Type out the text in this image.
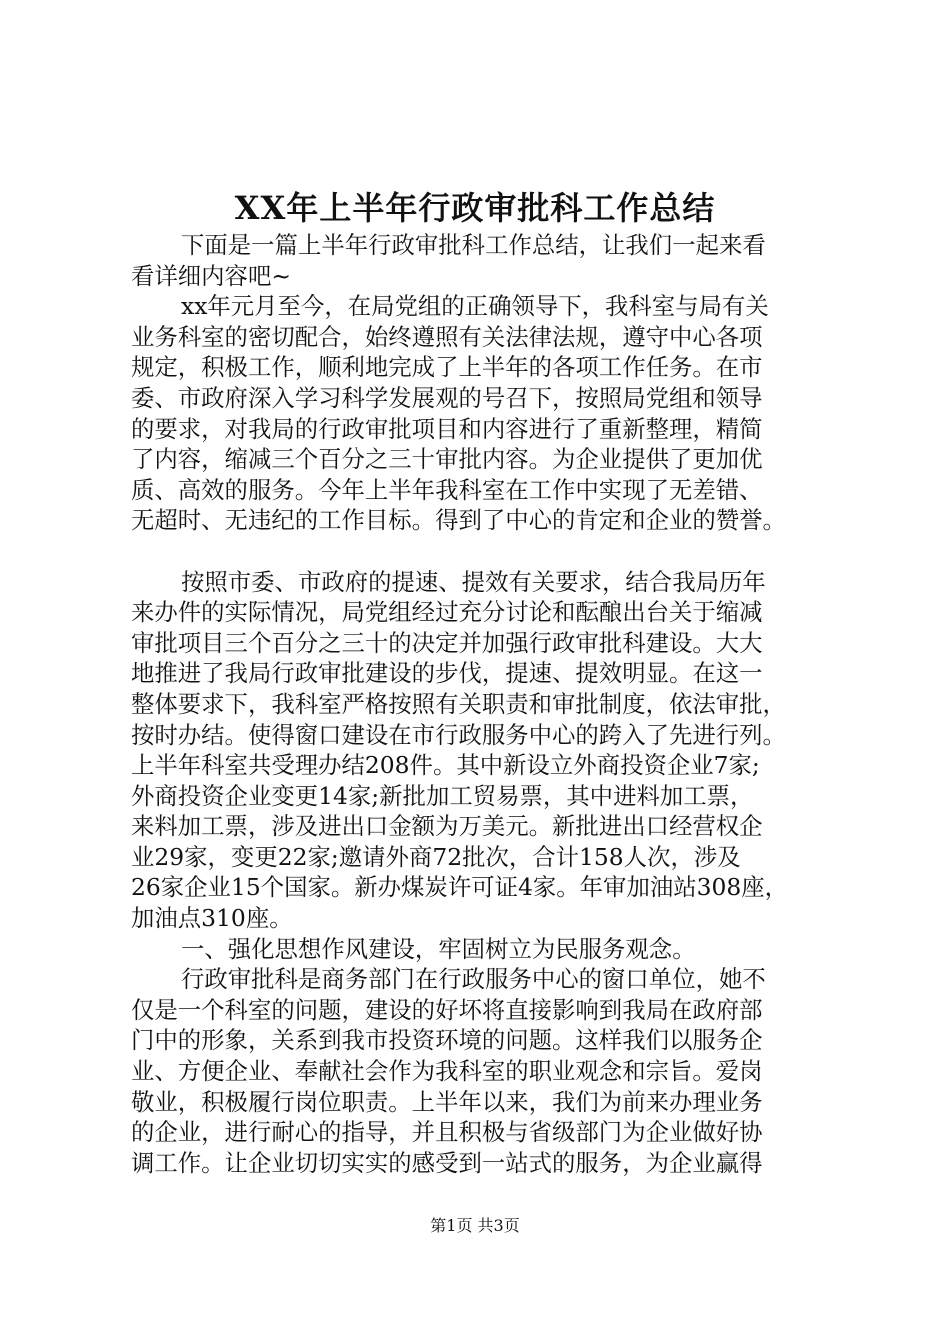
XX年上半年行政审批科工作总结
下面是一篇上半年行政审批科工作总结，让我们一起来看
看详细内容吧~
xx年元月至今，在局党组的正确领导下，我科室与局有关
业务科室的密切配合，始终遵照有关法律法规，遵守中心各项
规定，积极工作，顺利地完成了上半年的各项工作任务。在市
委、市政府深入学习科学发展观的号召下，按照局党组和领导
的要求，对我局的行政审批项目和内容进行了重新整理，精简
了内容，缩减三个百分之三十审批内容。为企业提供了更加优
质、高效的服务。今年上半年我科室在工作中实现了无差错、
无超时、无违纪的工作目标。得到了中心的肯定和企业的赞誉。
按照市委、市政府的提速、提效有关要求，结合我局历年
来办件的实际情况，局党组经过充分讨论和酝酿出台关于缩减
审批项目三个百分之三十的决定并加强行政审批科建设。大大
地推进了我局行政审批建设的步伐，提速、提效明显。在这一
整体要求下，我科室严格按照有关职责和审批制度，依法审批，
按时办结。使得窗口建设在市行政服务中心的跨入了先进行列。
上半年科室共受理办结208件。其中新设立外商投资企业7家;
外商投资企业变更14家;新批加工贸易票，其中进料加工票，
来料加工票，涉及进出口金额为万美元。新批进出口经营权企
业29家，变更22家;邀请外商72批次，合计158人次，涉及
26家企业15个国家。新办煤炭许可证4家。年审加油站308座，
加油点310座。
一、强化思想作风建设，牢固树立为民服务观念。
行政审批科是商务部门在行政服务中心的窗口单位，她不
仅是一个科室的问题，建设的好坏将直接影响到我局在政府部
门中的形象，关系到我市投资环境的问题。这样我们以服务企
业、方便企业、奉献社会作为我科室的职业观念和宗旨。爱岗
敬业，积极履行岗位职责。上半年以来，我们为前来办理业务
的企业，进行耐心的指导，并且积极与省级部门为企业做好协
调工作。让企业切切实实的感受到一站式的服务，为企业赢得
第1页 共3页
